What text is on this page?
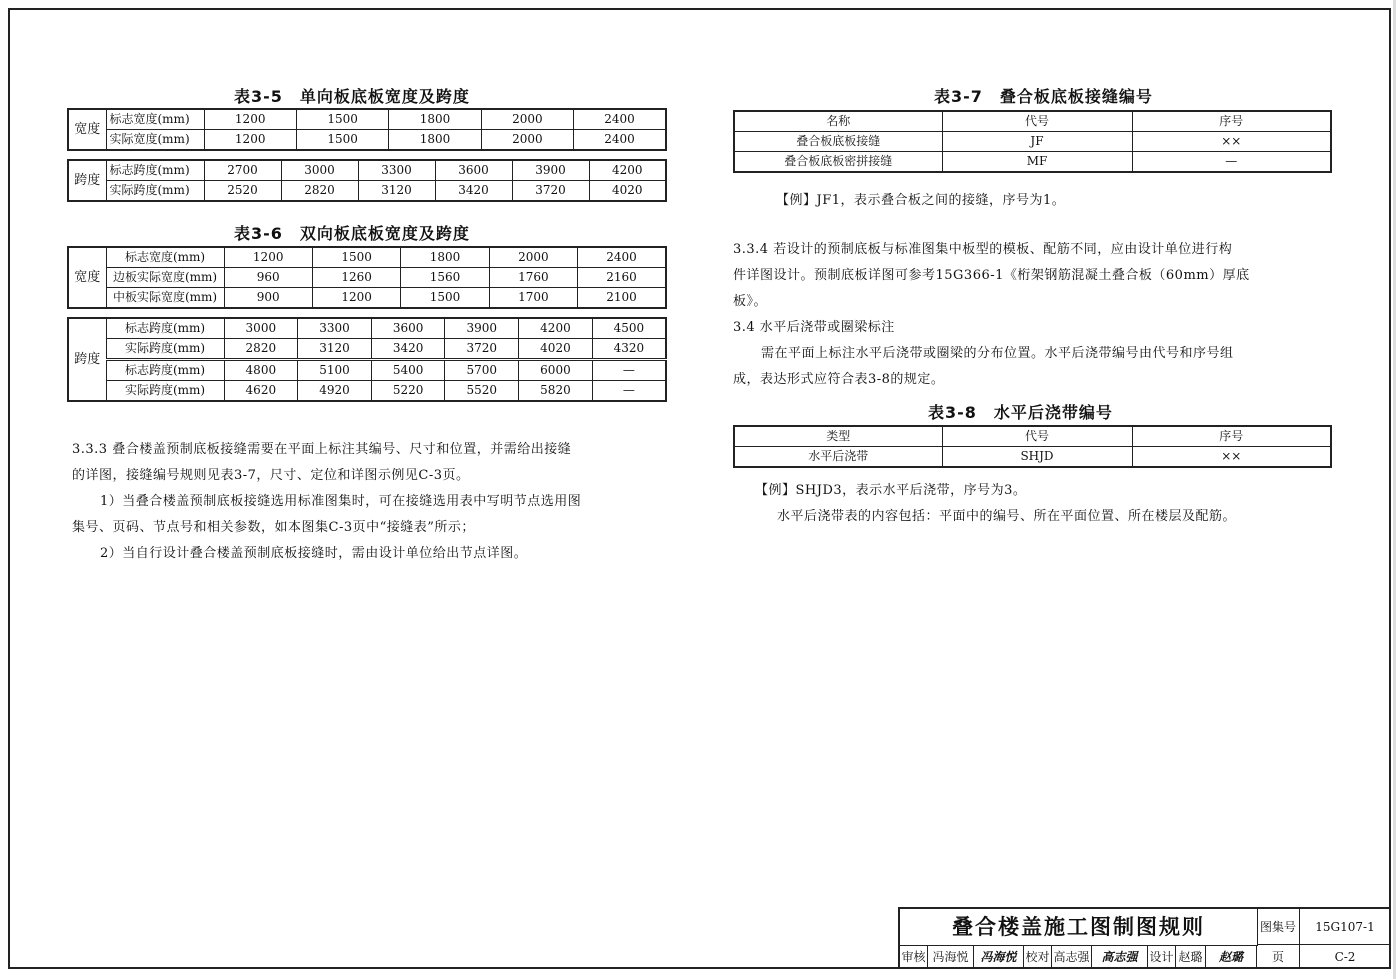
表3-5　单向板底板宽度及跨度
宽度	标志宽度(mm)	1200	1500	1800	2000	2400
	实际宽度(mm)	1200	1500	1800	2000	2400
跨度	标志跨度(mm)	2700	3000	3300	3600	3900	4200
	实际跨度(mm)	2520	2820	3120	3420	3720	4020
表3-6　双向板底板宽度及跨度
宽度	标志宽度(mm)	1200	1500	1800	2000	2400
	边板实际宽度(mm)	960	1260	1560	1760	2160
	中板实际宽度(mm)	900	1200	1500	1700	2100
跨度	标志跨度(mm)	3000	3300	3600	3900	4200	4500
	实际跨度(mm)	2820	3120	3420	3720	4020	4320
	标志跨度(mm)	4800	5100	5400	5700	6000	—
	实际跨度(mm)	4620	4920	5220	5520	5820	—
3.3.3 叠合楼盖预制底板接缝需要在平面上标注其编号、尺寸和位置，并需给出接缝
的详图，接缝编号规则见表3-7，尺寸、定位和详图示例见C-3页。
1）当叠合楼盖预制底板接缝选用标准图集时，可在接缝选用表中写明节点选用图
集号、页码、节点号和相关参数，如本图集C-3页中“接缝表”所示；
2）当自行设计叠合楼盖预制底板接缝时，需由设计单位给出节点详图。
表3-7　叠合板底板接缝编号
名称	代号	序号
叠合板底板接缝	JF	××
叠合板底板密拼接缝	MF	—
【例】JF1，表示叠合板之间的接缝，序号为1。
3.3.4 若设计的预制底板与标准图集中板型的模板、配筋不同，应由设计单位进行构
件详图设计。预制底板详图可参考15G366-1《桁架钢筋混凝土叠合板（60mm）厚底
板》。
3.4 水平后浇带或圈梁标注
需在平面上标注水平后浇带或圈梁的分布位置。水平后浇带编号由代号和序号组
成，表达形式应符合表3-8的规定。
表3-8　水平后浇带编号
类型	代号	序号
水平后浇带	SHJD	××
【例】SHJD3，表示水平后浇带，序号为3。
水平后浇带表的内容包括：平面中的编号、所在平面位置、所在楼层及配筋。
叠合楼盖施工图制图规则	图集号	15G107-1
审核 冯海悦 冯海悦 校对 高志强 高志强 设计 赵璐	赵璐	页	C-2
